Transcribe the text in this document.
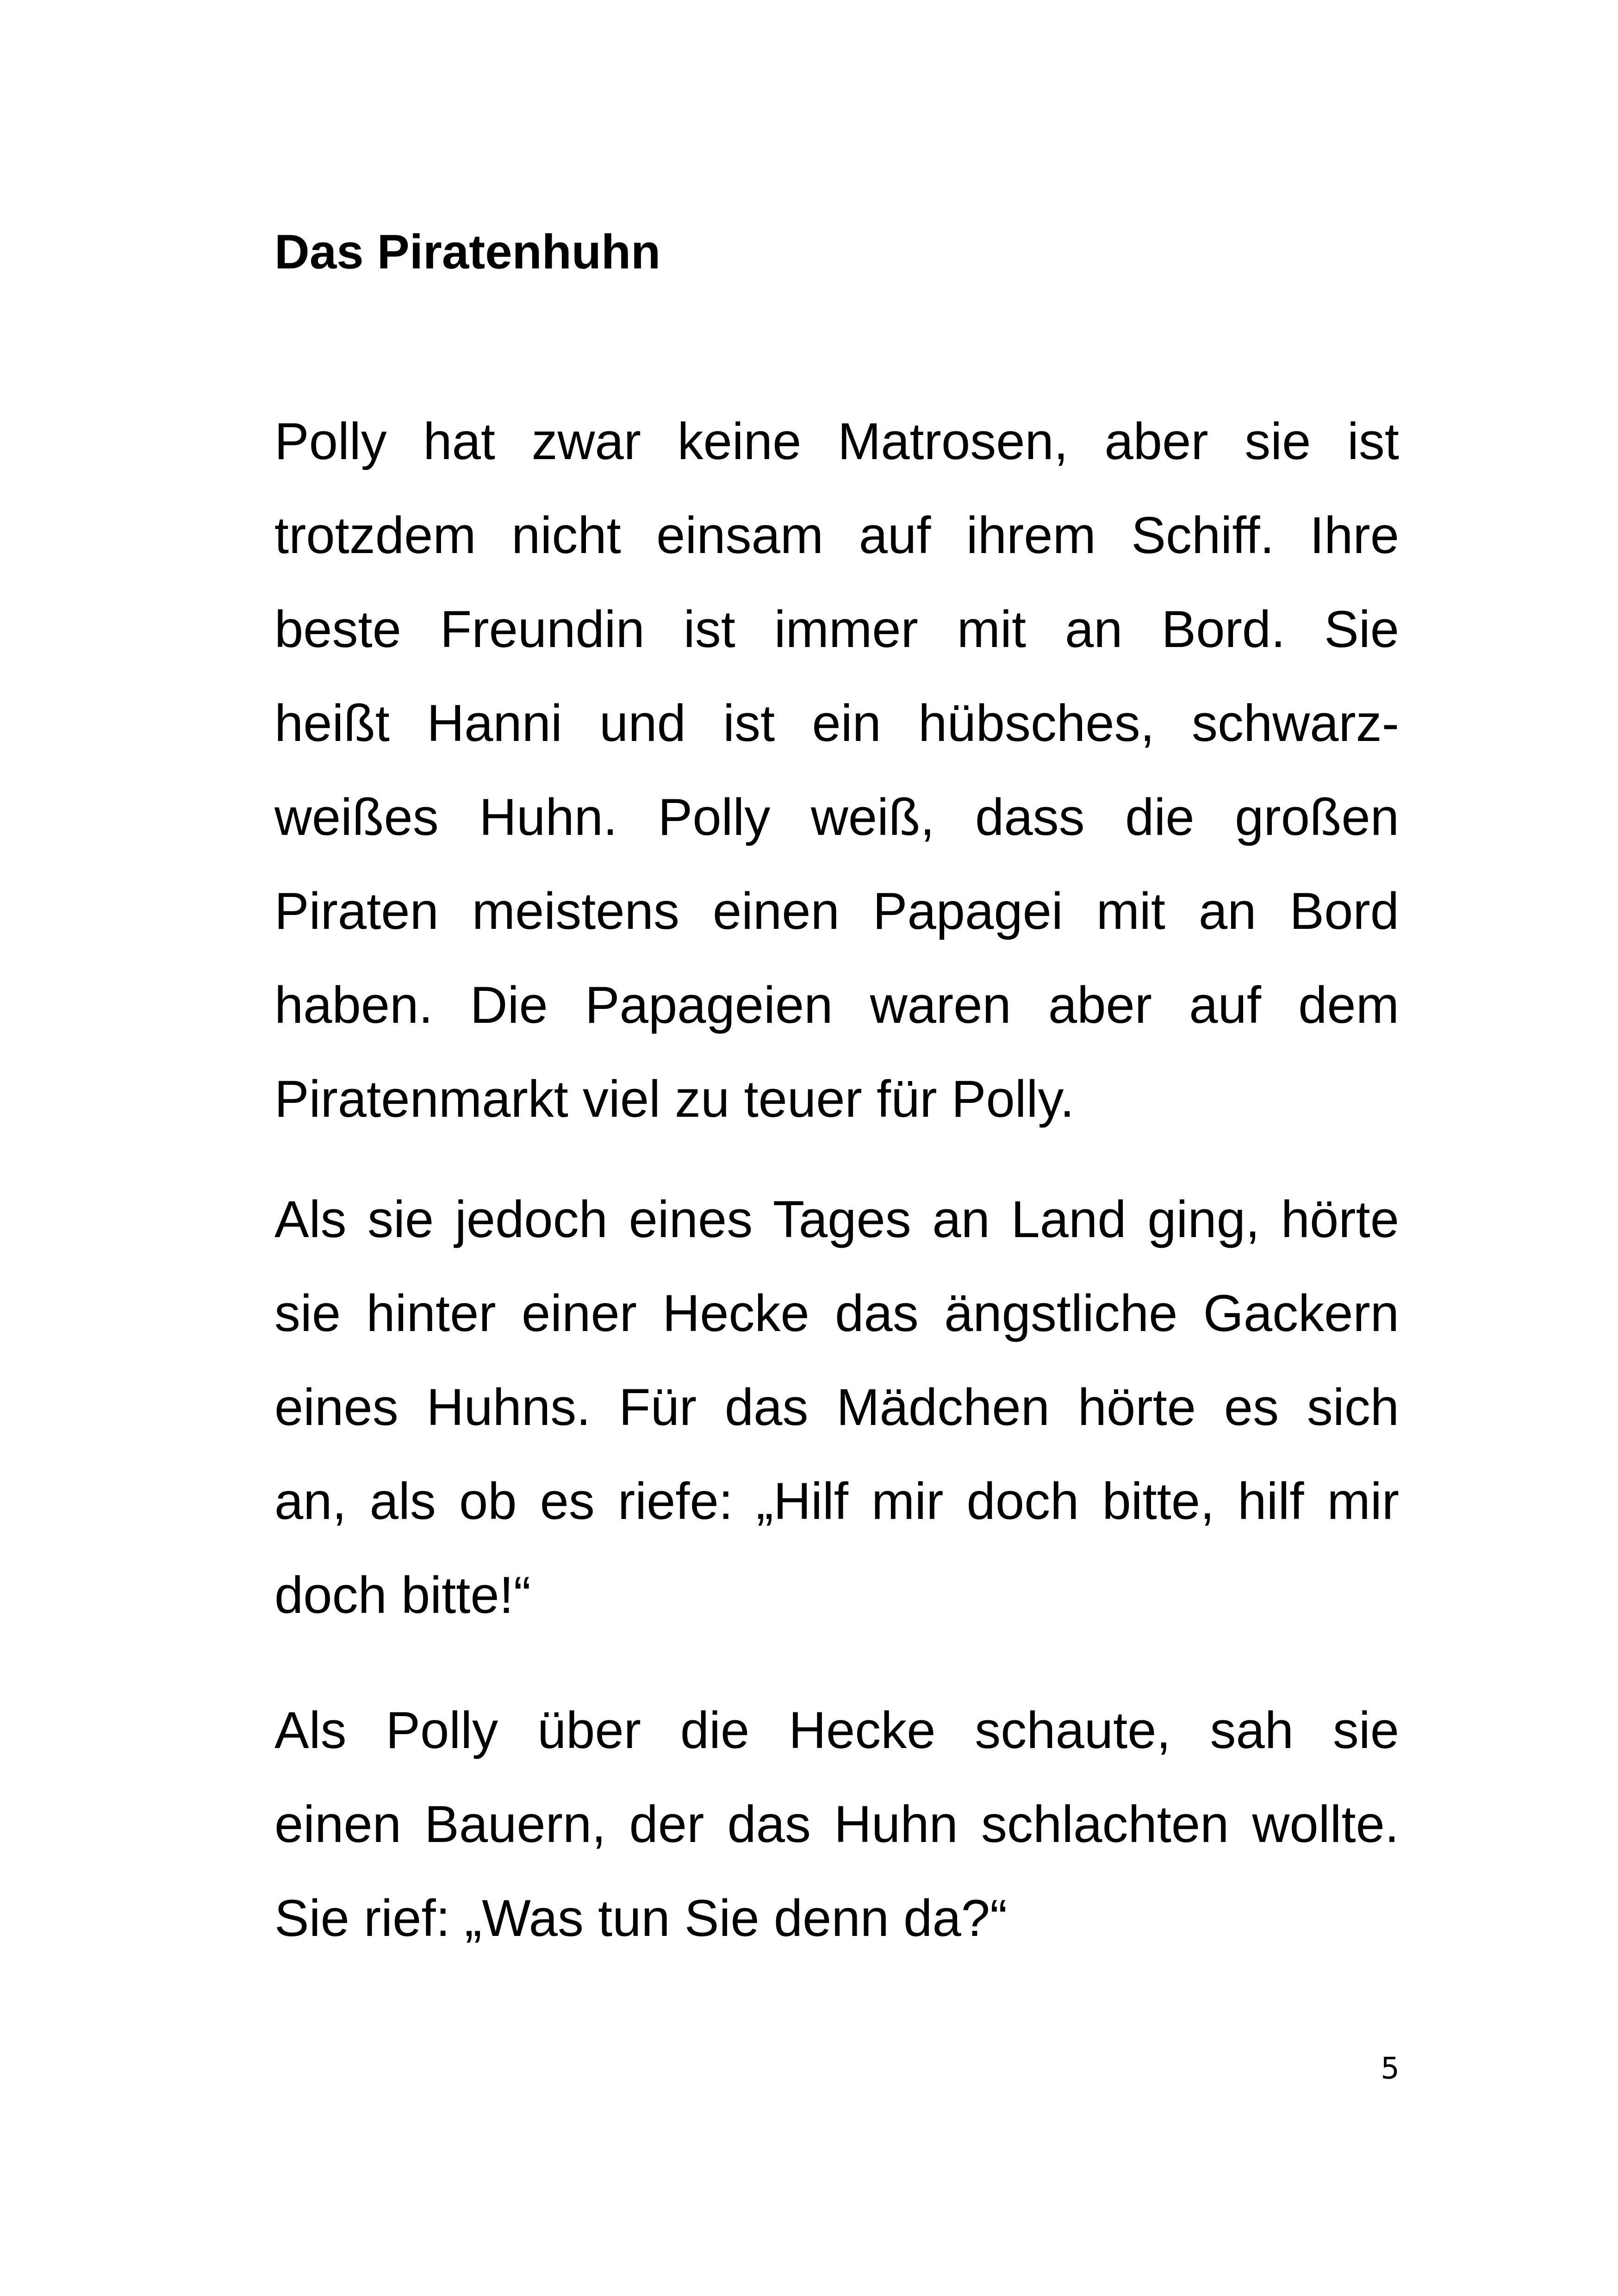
Das Piratenhuhn

Polly hat zwar keine Matrosen, aber sie ist
trotzdem nicht einsam auf ihrem Schiff. Ihre
beste Freundin ist immer mit an Bord. Sie
heißt Hanni und ist ein hübsches, schwarz-
weißes Huhn. Polly weiß, dass die großen
Piraten meistens einen Papagei mit an Bord
haben. Die Papageien waren aber auf dem
Piratenmarkt viel zu teuer für Polly.

Als sie jedoch eines Tages an Land ging, hörte
sie hinter einer Hecke das ängstliche Gackern
eines Huhns. Für das Mädchen hörte es sich
an, als ob es riefe: „Hilf mir doch bitte, hilf mir
doch bitte!“

Als Polly über die Hecke schaute, sah sie
einen Bauern, der das Huhn schlachten wollte.
Sie rief: „Was tun Sie denn da?“

5
